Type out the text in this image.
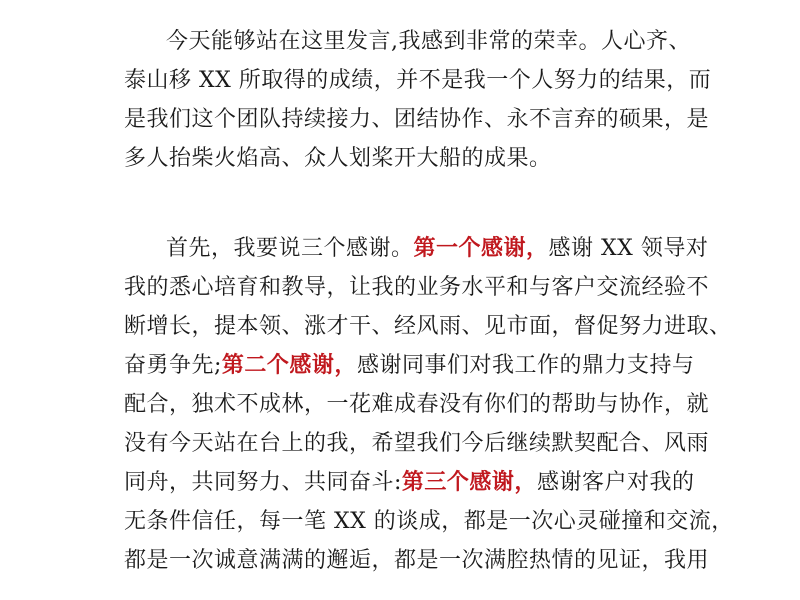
今天能够站在这里发言,我感到非常的荣幸。人心齐、
泰山移 XX 所取得的成绩，并不是我一个人努力的结果，而
是我们这个团队持续接力、团结协作、永不言弃的硕果，是
多人抬柴火焰高、众人划桨开大船的成果。
首先，我要说三个感谢。第一个感谢，感谢 XX 领导对
我的悉心培育和教导，让我的业务水平和与客户交流经验不
断增长，提本领、涨才干、经风雨、见市面，督促努力进取、
奋勇争先;第二个感谢，感谢同事们对我工作的鼎力支持与
配合，独术不成林，一花难成春没有你们的帮助与协作，就
没有今天站在台上的我，希望我们今后继续默契配合、风雨
同舟，共同努力、共同奋斗:第三个感谢，感谢客户对我的
无条件信任，每一笔 XX 的谈成，都是一次心灵碰撞和交流，
都是一次诚意满满的邂逅，都是一次满腔热情的见证，我用
